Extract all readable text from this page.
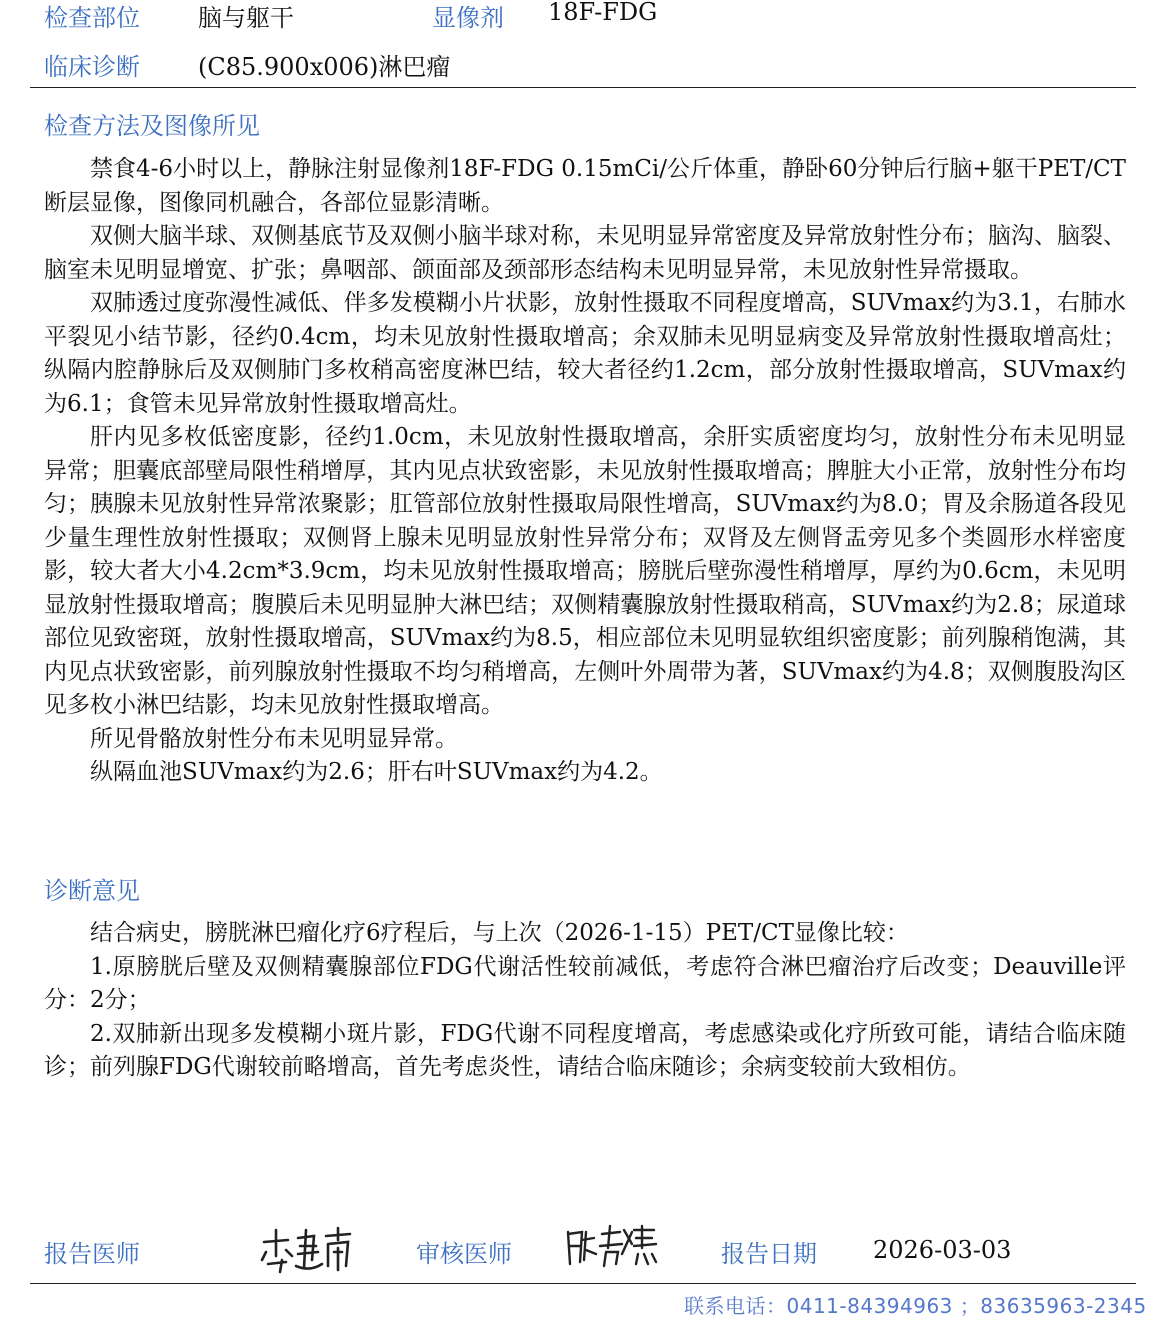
检查部位 脑与躯干	显像剂 18F-FDG
临床诊断 (C85.900x006)淋巴瘤
检查方法及图像所见

禁食4-6小时以上，静脉注射显像剂18F-FDG 0.15mCi/公斤体重，静卧60分钟后行脑+躯干PET/CT断层显像，图像同机融合，各部位显影清晰。

双侧大脑半球、双侧基底节及双侧小脑半球对称，未见明显异常密度及异常放射性分布；脑沟、脑裂、脑室未见明显增宽、扩张；鼻咽部、颌面部及颈部形态结构未见明显异常，未见放射性异常摄取。

双肺透过度弥漫性减低、伴多发模糊小片状影，放射性摄取不同程度增高，SUVmax约为3.1，右肺水平裂见小结节影，径约0.4cm，均未见放射性摄取增高；余双肺未见明显病变及异常放射性摄取增高灶；纵隔内腔静脉后及双侧肺门多枚稍高密度淋巴结，较大者径约1.2cm，部分放射性摄取增高，SUVmax约为6.1；食管未见异常放射性摄取增高灶。

肝内见多枚低密度影，径约1.0cm，未见放射性摄取增高，余肝实质密度均匀，放射性分布未见明显异常；胆囊底部壁局限性稍增厚，其内见点状致密影，未见放射性摄取增高；脾脏大小正常，放射性分布均匀；胰腺未见放射性异常浓聚影；肛管部位放射性摄取局限性增高，SUVmax约为8.0；胃及余肠道各段见少量生理性放射性摄取；双侧肾上腺未见明显放射性异常分布；双肾及左侧肾盂旁见多个类圆形水样密度影，较大者大小4.2cm*3.9cm，均未见放射性摄取增高；膀胱后壁弥漫性稍增厚，厚约为0.6cm，未见明显放射性摄取增高；腹膜后未见明显肿大淋巴结；双侧精囊腺放射性摄取稍高，SUVmax约为2.8；尿道球部位见致密斑，放射性摄取增高，SUVmax约为8.5，相应部位未见明显软组织密度影；前列腺稍饱满，其内见点状致密影，前列腺放射性摄取不均匀稍增高，左侧叶外周带为著，SUVmax约为4.8；双侧腹股沟区见多枚小淋巴结影，均未见放射性摄取增高。

所见骨骼放射性分布未见明显异常。

纵隔血池SUVmax约为2.6；肝右叶SUVmax约为4.2。

诊断意见

结合病史，膀胱淋巴瘤化疗6疗程后，与上次（2026-1-15）PET/CT显像比较：

1.原膀胱后壁及双侧精囊腺部位FDG代谢活性较前减低，考虑符合淋巴瘤治疗后改变；Deauville评分：2分；

2.双肺新出现多发模糊小斑片影，FDG代谢不同程度增高，考虑感染或化疗所致可能，请结合临床随诊；前列腺FDG代谢较前略增高，首先考虑炎性，请结合临床随诊；余病变较前大致相仿。

报告医师	审核医师	报告日期 2026-03-03
联系电话：0411-84394963 ；83635963-2345
